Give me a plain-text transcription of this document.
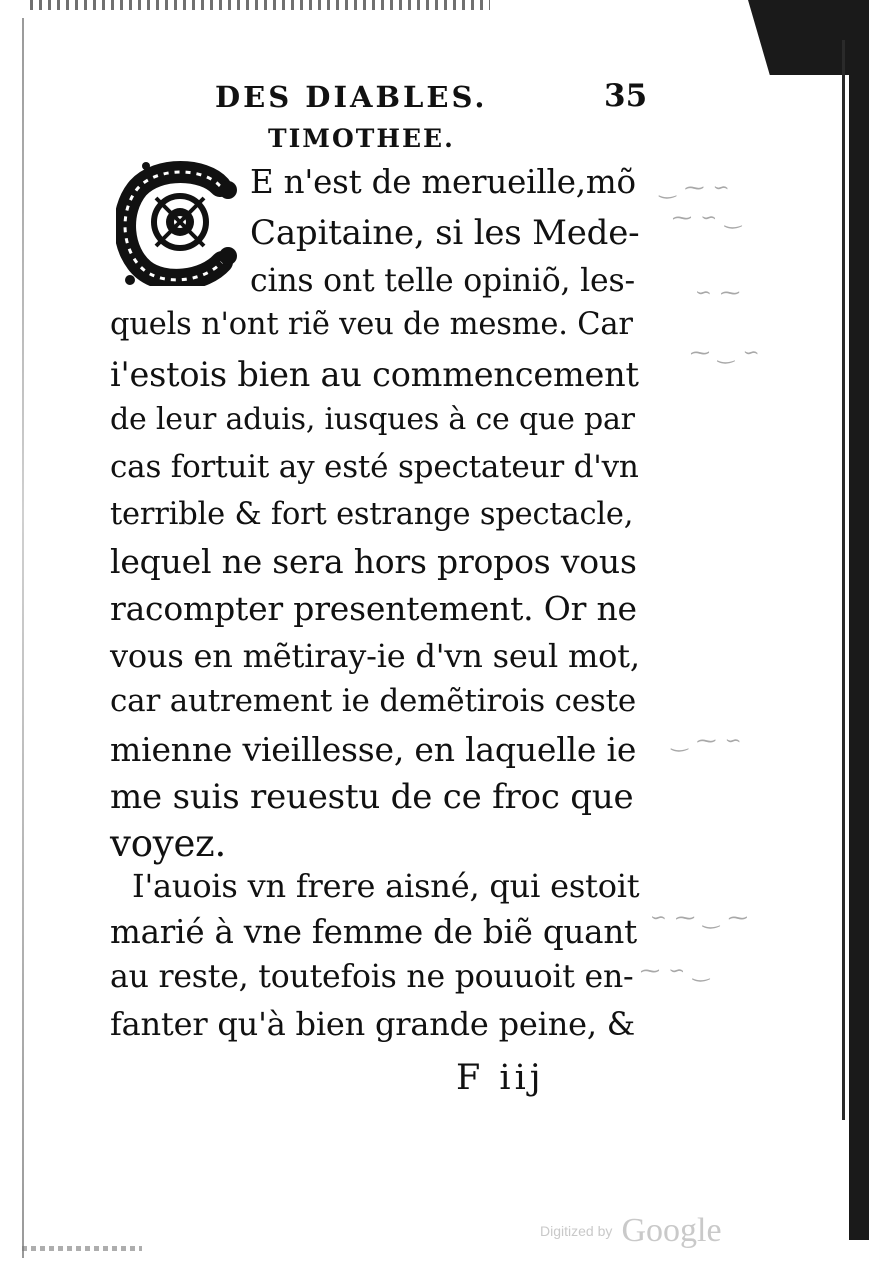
DES DIABLES.	35
TIMOTHEE.
‿ ⁓ ∽
⁓ ∽ ‿
∽ ⁓
⁓ ‿ ∽
‿ ⁓ ∽
∽ ⁓ ‿ ⁓
⁓ ∽ ‿
E n'est de merueille,mõ
Capitaine, si les Mede-
cins ont telle opiniõ, les-
quels n'ont riẽ veu de mesme. Car
i'estois bien au commencement
de leur aduis, iusques à ce que par
cas fortuit ay esté spectateur d'vn
terrible & fort estrange spectacle,
lequel ne sera hors propos vous
racompter presentement. Or ne
vous en mẽtiray-ie d'vn seul mot,
car autrement ie demẽtirois ceste
mienne vieillesse, en laquelle ie
me suis reuestu de ce froc que
voyez.
I'auois vn frere aisné, qui estoit
marié à vne femme de biẽ quant
au reste, toutefois ne pouuoit en-
fanter qu'à bien grande peine, &
F iij
Digitized by Google
